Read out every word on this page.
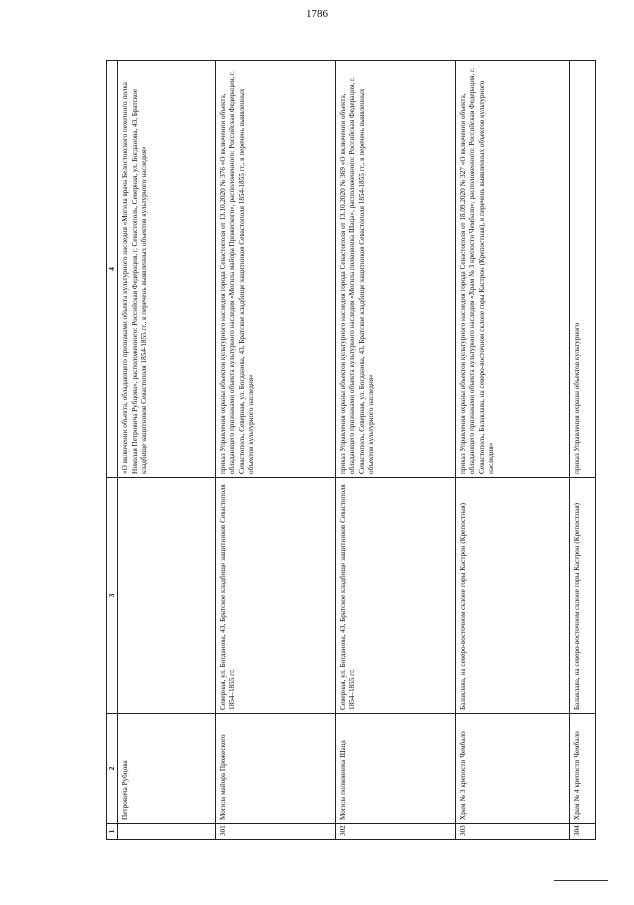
1786
1	2	3	4
	Петровича Рубцова		«О включении объекта, обладающего признаками объекта культурного наследия «Могила врача Белостокского пехотного полка Николая Петровича Рубцова», расположенного: Российская Федерация, г. Севастополь, Северная, ул. Богданова, 43, Братское кладбище защитников Севастополя 1854-1855 гг., в перечень выявленных объектов культурного наследия»
301	Могила майора Прожеского	Северная, ул. Богданова, 43, Братское кладбище защитников Севастополя 1854–1855 гг.	приказ Управления охраны объектов культурного наследия города Севастополя от 13.10.2020 № 376 «О включении объекта, обладающего признаками объекта культурного наследия «Могила майора Прожеского», расположенного: Российская Федерация, г. Севастополь, Северная, ул. Богданова, 43, Братское кладбище защитников Севастополя 1854-1855 гг., в перечень выявленных объектов культурного наследия»
302	Могила полковника Шаца	Северная, ул. Богданова, 43, Братское кладбище защитников Севастополя 1854–1855 гг.	приказ Управления охраны объектов культурного наследия города Севастополя от 13.10.2020 № 369 «О включении объекта, обладающего признаками объекта культурного наследия «Могила полковника Шаца», расположенного: Российская Федерация, г. Севастополь, Северная, ул. Богданова, 43, Братское кладбище защитников Севастополя 1854-1855 гг., в перечень выявленных объектов культурного наследия»
303	Храм № 3 крепости Чембало	Балаклава, на северо-восточном склоне горы Кастрон (Крепостная)	приказ Управления охраны объектов культурного наследия города Севастополя от 18.09.2020 № 327 «О включении объекта, обладающего признаками объекта культурного наследия «Храм № 3 крепости Чембало», расположенного: Российская Федерация, г. Севастополь, Балаклава, на северо-восточном склоне горы Кастрон (Крепостная), в перечень выявленных объектов культурного наследия»
304	Храм № 4 крепости Чембало	Балаклава, на северо-восточном склоне горы Кастрон (Крепостная)	приказ Управления охраны объектов культурного
